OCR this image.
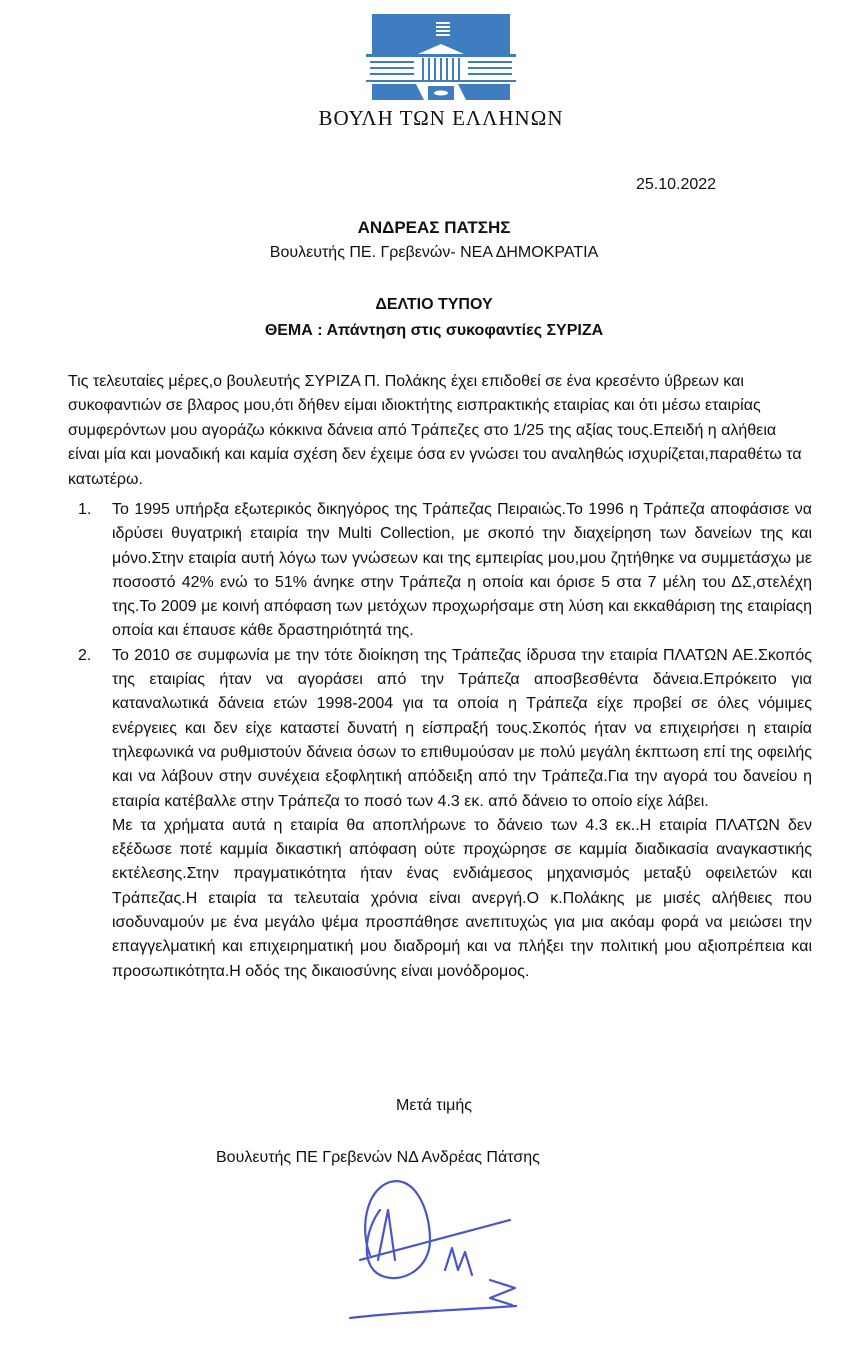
ΒΟΥΛΗ ΤΩΝ ΕΛΛΗΝΩΝ
25.10.2022
ΑΝΔΡΕΑΣ ΠΑΤΣΗΣ
Βουλευτής ΠΕ. Γρεβενών- ΝΕΑ ΔΗΜΟΚΡΑΤΙΑ
ΔΕΛΤΙΟ ΤΥΠΟΥ
ΘΕΜΑ : Απάντηση στις συκοφαντίες ΣΥΡΙΖΑ
Τις τελευταίες μέρες,ο βουλευτής ΣΥΡΙΖΑ Π. Πολάκης έχει επιδοθεί σε ένα κρεσέντο ύβρεων και συκοφαντιών σε βλαρος μου,ότι δήθεν είμαι ιδιοκτήτης εισπρακτικής εταιρίας και ότι μέσω εταιρίας συμφερόντων μου αγοράζω κόκκινα δάνεια από Τράπεζες στο 1/25 της αξίας τους.Επειδή η αλήθεια είναι μία και μοναδική και καμία σχέση δεν έχειμε όσα εν γνώσει του αναληθώς ισχυρίζεται,παραθέτω τα κατωτέρω.
1. Το 1995 υπήρξα εξωτερικός δικηγόρος της Τράπεζας Πειραιώς.Το 1996 η Τράπεζα αποφάσισε να ιδρύσει θυγατρική εταιρία την Multi Collection, με σκοπό την διαχείρηση των δανείων της και μόνο.Στην εταιρία αυτή λόγω των γνώσεων και της εμπειρίας μου,μου ζητήθηκε να συμμετάσχω με ποσοστό 42% ενώ το 51% άνηκε στην Τράπεζα η οποία και όρισε 5 στα 7 μέλη του ΔΣ,στελέχη της.Το 2009 με κοινή απόφαση των μετόχων προχωρήσαμε στη λύση και εκκαθάριση της εταιρίαςη οποία και έπαυσε κάθε δραστηριότητά της.

2. Το 2010 σε συμφωνία με την τότε διοίκηση της Τράπεζας ίδρυσα την εταιρία ΠΛΑΤΩΝ ΑΕ.Σκοπός της εταιρίας ήταν να αγοράσει από την Τράπεζα αποσβεσθέντα δάνεια.Επρόκειτο για καταναλωτικά δάνεια ετών 1998-2004 για τα οποία η Τράπεζα είχε προβεί σε όλες νόμιμες ενέργειες και δεν είχε καταστεί δυνατή η είσπραξή τους.Σκοπός ήταν να επιχειρήσει η εταιρία τηλεφωνικά να ρυθμιστούν δάνεια όσων το επιθυμούσαν με πολύ μεγάλη έκπτωση επί της οφειλής και να λάβουν στην συνέχεια εξοφλητική απόδειξη από την Τράπεζα.Για την αγορά του δανείου η εταιρία κατέβαλλε στην Τράπεζα το ποσό των 4.3 εκ. από δάνειο το οποίο είχε λάβει.

Με τα χρήματα αυτά η εταιρία θα αποπλήρωνε το δάνειο των 4.3 εκ..Η εταιρία ΠΛΑΤΩΝ δεν εξέδωσε ποτέ καμμία δικαστική απόφαση ούτε προχώρησε σε καμμία διαδικασία αναγκαστικής εκτέλεσης.Στην πραγματικότητα ήταν ένας ενδιάμεσος μηχανισμός μεταξύ οφειλετών και Τράπεζας.Η εταιρία τα τελευταία χρόνια είναι ανεργή.Ο κ.Πολάκης με μισές αλήθειες που ισοδυναμούν με ένα μεγάλο ψέμα προσπάθησε ανεπιτυχώς για μια ακόαμ φορά να μειώσει την επαγγελματική και επιχειρηματική μου διαδρομή και να πλήξει την πολιτική μου αξιοπρέπεια και προσωπικότητα.Η οδός της δικαιοσύνης είναι μονόδρομος.

Μετά τιμής
Βουλευτής ΠΕ Γρεβενών ΝΔ Ανδρέας Πάτσης
